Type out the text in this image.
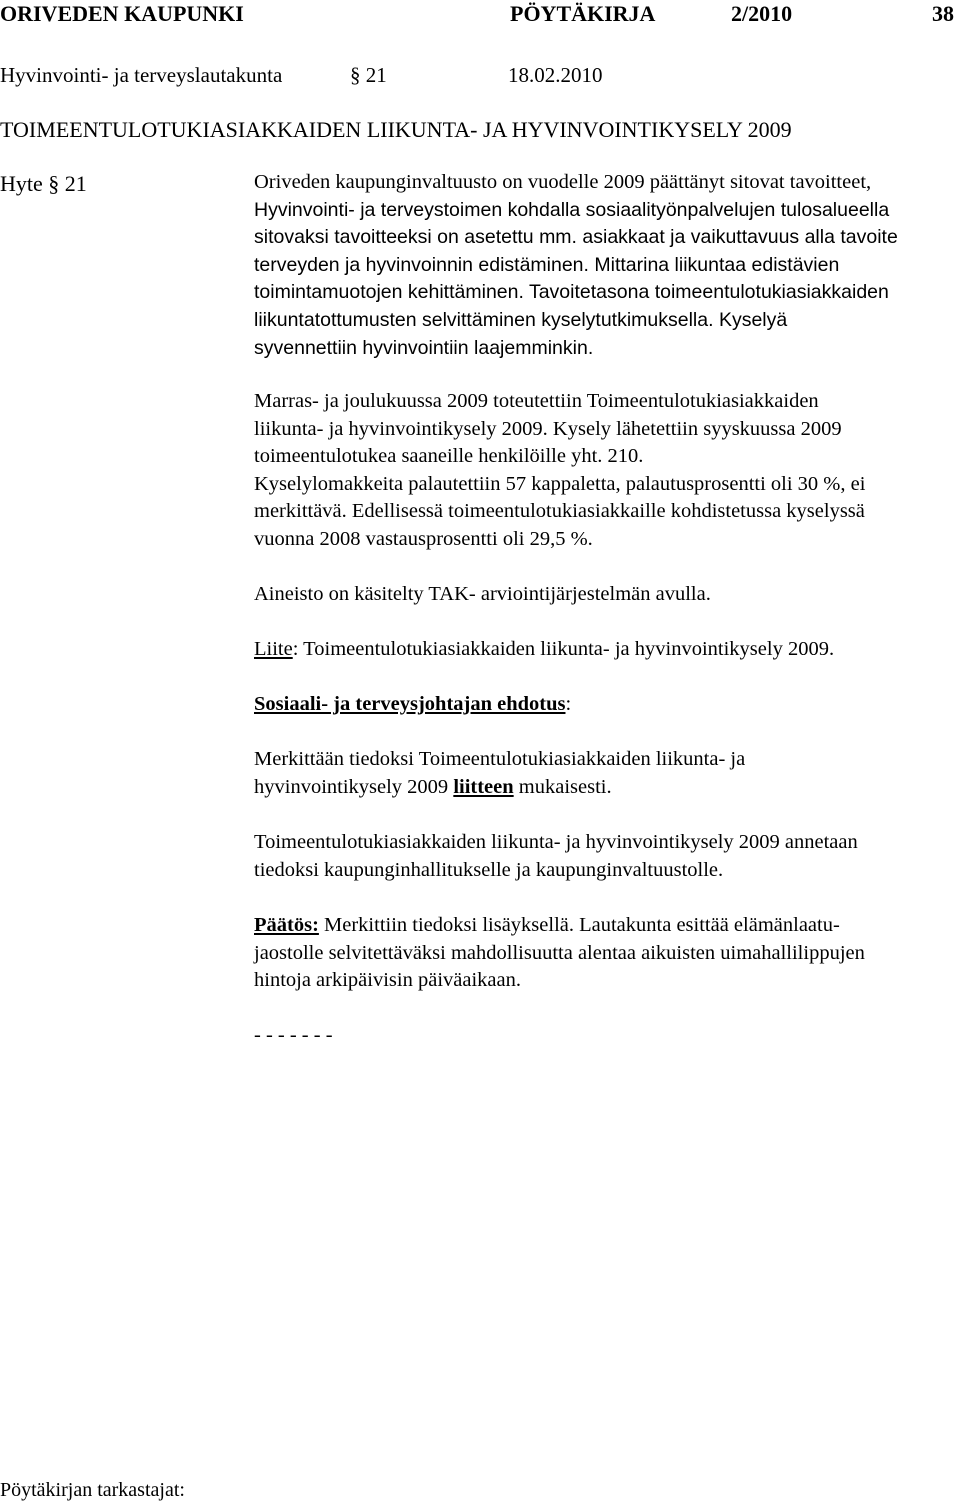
ORIVEDEN KAUPUNKI	PÖYTÄKIRJA	2/2010	38
Hyvinvointi- ja terveyslautakunta	§ 21	18.02.2010
TOIMEENTULOTUKIASIAKKAIDEN LIIKUNTA- JA HYVINVOINTIKYSELY 2009
Hyte § 21	Oriveden kaupunginvaltuusto on vuodelle 2009 päättänyt sitovat tavoitteet,
Hyvinvointi- ja terveystoimen kohdalla sosiaalityönpalvelujen tulosalueella
sitovaksi tavoitteeksi on asetettu mm. asiakkaat ja vaikuttavuus alla tavoite
terveyden ja hyvinvoinnin edistäminen. Mittarina liikuntaa edistävien
toimintamuotojen kehittäminen. Tavoitetasona toimeentulotukiasiakkaiden
liikuntatottumusten selvittäminen kyselytutkimuksella. Kyselyä
syvennettiin hyvinvointiin laajemminkin.
Marras- ja joulukuussa 2009 toteutettiin Toimeentulotukiasiakkaiden
liikunta- ja hyvinvointikysely 2009. Kysely lähetettiin syyskuussa 2009
toimeentulotukea saaneille henkilöille yht. 210.
Kyselylomakkeita palautettiin 57 kappaletta, palautusprosentti oli 30 %, ei
merkittävä. Edellisessä toimeentulotukiasiakkaille kohdistetussa kyselyssä
vuonna 2008 vastausprosentti oli 29,5 %.
Aineisto on käsitelty TAK- arviointijärjestelmän avulla.
Liite: Toimeentulotukiasiakkaiden liikunta- ja hyvinvointikysely 2009.
Sosiaali- ja terveysjohtajan ehdotus:
Merkittään tiedoksi Toimeentulotukiasiakkaiden liikunta- ja
hyvinvointikysely 2009 liitteen mukaisesti.
Toimeentulotukiasiakkaiden liikunta- ja hyvinvointikysely 2009 annetaan
tiedoksi kaupunginhallitukselle ja kaupunginvaltuustolle.
Päätös: Merkittiin tiedoksi lisäyksellä. Lautakunta esittää elämänlaatu-
jaostolle selvitettäväksi mahdollisuutta alentaa aikuisten uimahallilippujen
hintoja arkipäivisin päiväaikaan.
- - - - - - -
Pöytäkirjan tarkastajat:
